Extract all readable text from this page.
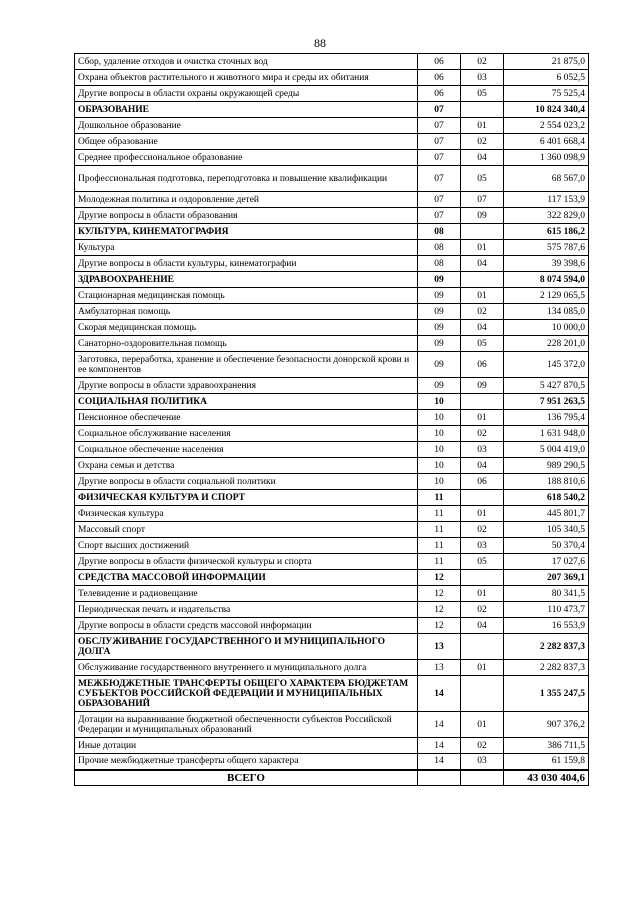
88
Сбор, удаление отходов и очистка сточных вод	06	02	21 875,0
Охрана объектов растительного и животного мира и среды их обитания	06	03	6 052,5
Другие вопросы в области охраны окружающей среды	06	05	75 525,4
ОБРАЗОВАНИЕ	07		10 824 340,4
Дошкольное образование	07	01	2 554 023,2
Общее образование	07	02	6 401 668,4
Среднее профессиональное образование	07	04	1 360 098,9
Профессиональная подготовка, переподготовка и повышение квалификации	07	05	68 567,0
Молодежная политика и оздоровление детей	07	07	117 153,9
Другие вопросы в области образования	07	09	322 829,0
КУЛЬТУРА, КИНЕМАТОГРАФИЯ	08		615 186,2
Культура	08	01	575 787,6
Другие вопросы в области культуры, кинематографии	08	04	39 398,6
ЗДРАВООХРАНЕНИЕ	09		8 074 594,0
Стационарная медицинская помощь	09	01	2 129 065,5
Амбулаторная помощь	09	02	134 085,0
Скорая медицинская помощь	09	04	10 000,0
Санаторно-оздоровительная помощь	09	05	228 201,0
Заготовка, переработка, хранение и обеспечение безопасности донорской крови и ее компонентов	09	06	145 372,0
Другие вопросы в области здравоохранения	09	09	5 427 870,5
СОЦИАЛЬНАЯ ПОЛИТИКА	10		7 951 263,5
Пенсионное обеспечение	10	01	136 795,4
Социальное обслуживание населения	10	02	1 631 948,0
Социальное обеспечение населения	10	03	5 004 419,0
Охрана семьи и детства	10	04	989 290,5
Другие вопросы в области социальной политики	10	06	188 810,6
ФИЗИЧЕСКАЯ КУЛЬТУРА И СПОРТ	11		618 540,2
Физическая культура	11	01	445 801,7
Массовый спорт	11	02	105 340,5
Спорт высших достижений	11	03	50 370,4
Другие вопросы в области физической культуры и спорта	11	05	17 027,6
СРЕДСТВА МАССОВОЙ ИНФОРМАЦИИ	12		207 369,1
Телевидение и радиовещание	12	01	80 341,5
Периодическая печать и издательства	12	02	110 473,7
Другие вопросы в области средств массовой информации	12	04	16 553,9
ОБСЛУЖИВАНИЕ ГОСУДАРСТВЕННОГО И МУНИЦИПАЛЬНОГО ДОЛГА	13		2 282 837,3
Обслуживание государственного внутреннего и муниципального долга	13	01	2 282 837,3
МЕЖБЮДЖЕТНЫЕ ТРАНСФЕРТЫ ОБЩЕГО ХАРАКТЕРА БЮДЖЕТАМ СУБЪЕКТОВ РОССИЙСКОЙ ФЕДЕРАЦИИ И МУНИЦИПАЛЬНЫХ ОБРАЗОВАНИЙ	14		1 355 247,5
Дотации на выравнивание бюджетной обеспеченности субъектов Российской Федерации и муниципальных образований	14	01	907 376,2
Иные дотации	14	02	386 711,5
Прочие межбюджетные трансферты общего характера	14	03	61 159,8
ВСЕГО			43 030 404,6
